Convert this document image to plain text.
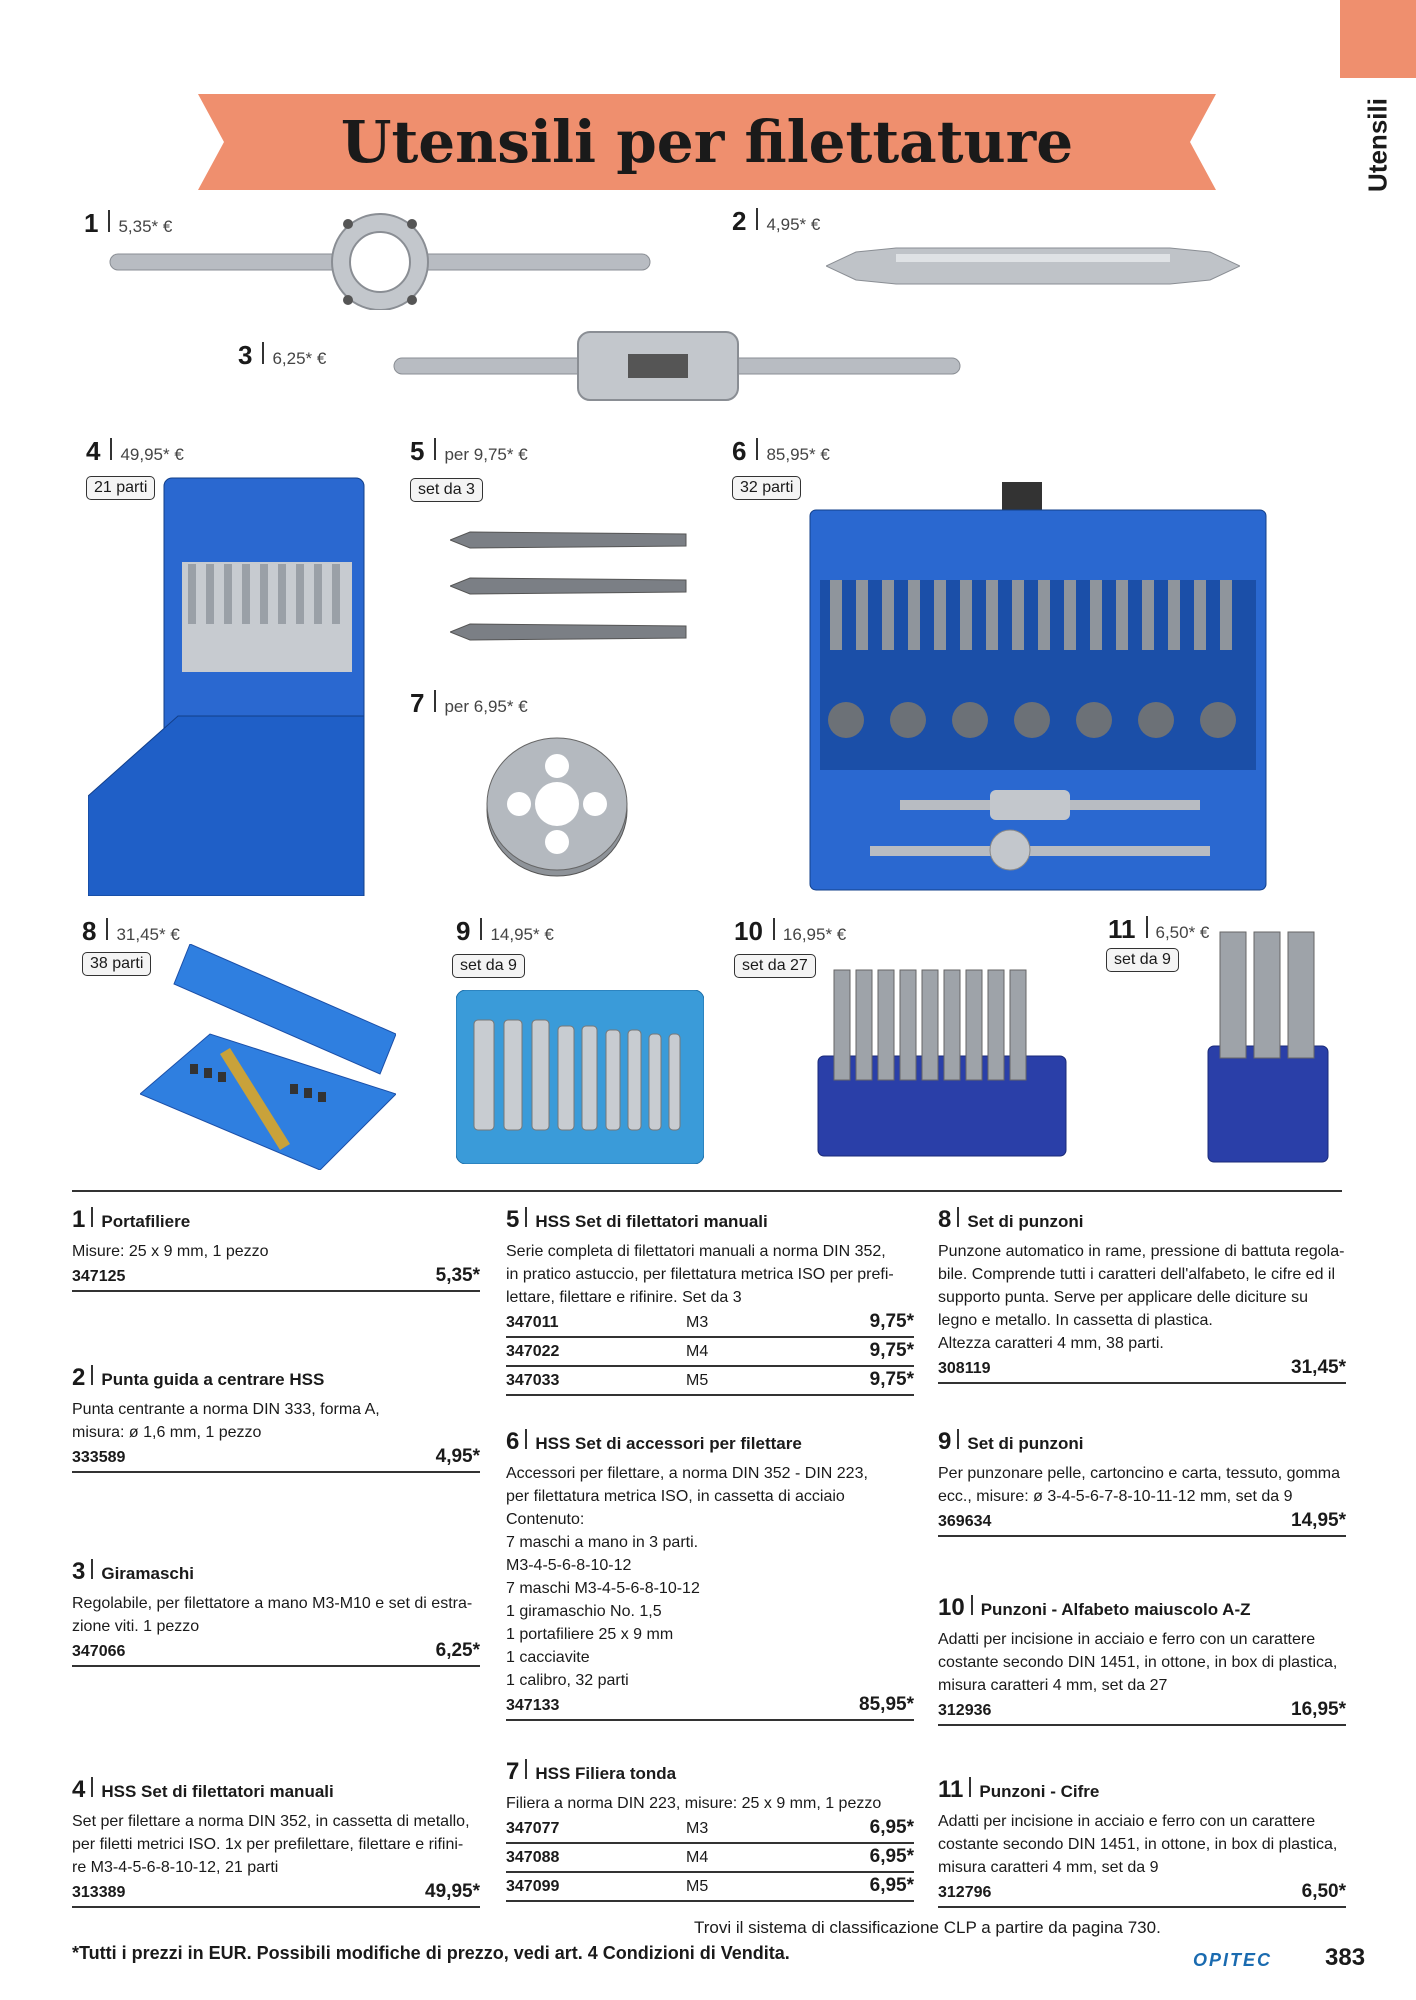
Utensili
Utensili per filettature
1 5,35* €	2 4,95* €
3 6,25* €
4 49,95* €
21 parti
5 per 9,75* €
set da 3
6 85,95* €
32 parti
7 per 6,95* €
8 31,45* €
38 parti
9 14,95* €
set da 9
10 16,95* €
set da 27
11 6,50* €
set da 9
1 Portafiliere
Misure: 25 x 9 mm, 1 pezzo
347125	5,35*
2 Punta guida a centrare HSS
Punta centrante a norma DIN 333, forma A,
misura: ø 1,6 mm, 1 pezzo
333589	4,95*
3 Giramaschi
Regolabile, per filettatore a mano M3-M10 e set di estra-
zione viti. 1 pezzo
347066	6,25*
4 HSS Set di filettatori manuali
Set per filettare a norma DIN 352, in cassetta di metallo,
per filetti metrici ISO. 1x per prefilettare, filettare e rifini-
re M3-4-5-6-8-10-12, 21 parti
313389	49,95*
5 HSS Set di filettatori manuali
Serie completa di filettatori manuali a norma DIN 352,
in pratico astuccio, per filettatura metrica ISO per prefi-
lettare, filettare e rifinire. Set da 3
347011	M3	9,75*
347022	M4	9,75*
347033	M5	9,75*
6 HSS Set di accessori per filettare
Accessori per filettare, a norma DIN 352 - DIN 223,
per filettatura metrica ISO, in cassetta di acciaio
Contenuto:
7 maschi a mano in 3 parti.
M3-4-5-6-8-10-12
7 maschi M3-4-5-6-8-10-12
1 giramaschio No. 1,5
1 portafiliere 25 x 9 mm
1 cacciavite
1 calibro, 32 parti
347133	85,95*
7 HSS Filiera tonda
Filiera a norma DIN 223, misure: 25 x 9 mm, 1 pezzo
347077	M3	6,95*
347088	M4	6,95*
347099	M5	6,95*
8 Set di punzoni
Punzone automatico in rame, pressione di battuta regola-
bile. Comprende tutti i caratteri dell'alfabeto, le cifre ed il
supporto punta. Serve per applicare delle diciture su
legno e metallo. In cassetta di plastica.
Altezza caratteri 4 mm, 38 parti.
308119	31,45*
9 Set di punzoni
Per punzonare pelle, cartoncino e carta, tessuto, gomma
ecc., misure: ø 3-4-5-6-7-8-10-11-12 mm, set da 9
369634	14,95*
10 Punzoni - Alfabeto maiuscolo A-Z
Adatti per incisione in acciaio e ferro con un carattere
costante secondo DIN 1451, in ottone, in box di plastica,
misura caratteri 4 mm, set da 27
312936	16,95*
11 Punzoni - Cifre
Adatti per incisione in acciaio e ferro con un carattere
costante secondo DIN 1451, in ottone, in box di plastica,
misura caratteri 4 mm, set da 9
312796	6,50*
Trovi il sistema di classificazione CLP a partire da pagina 730.
*Tutti i prezzi in EUR. Possibili modifiche di prezzo, vedi art. 4 Condizioni di Vendita.	OPITEC 383
